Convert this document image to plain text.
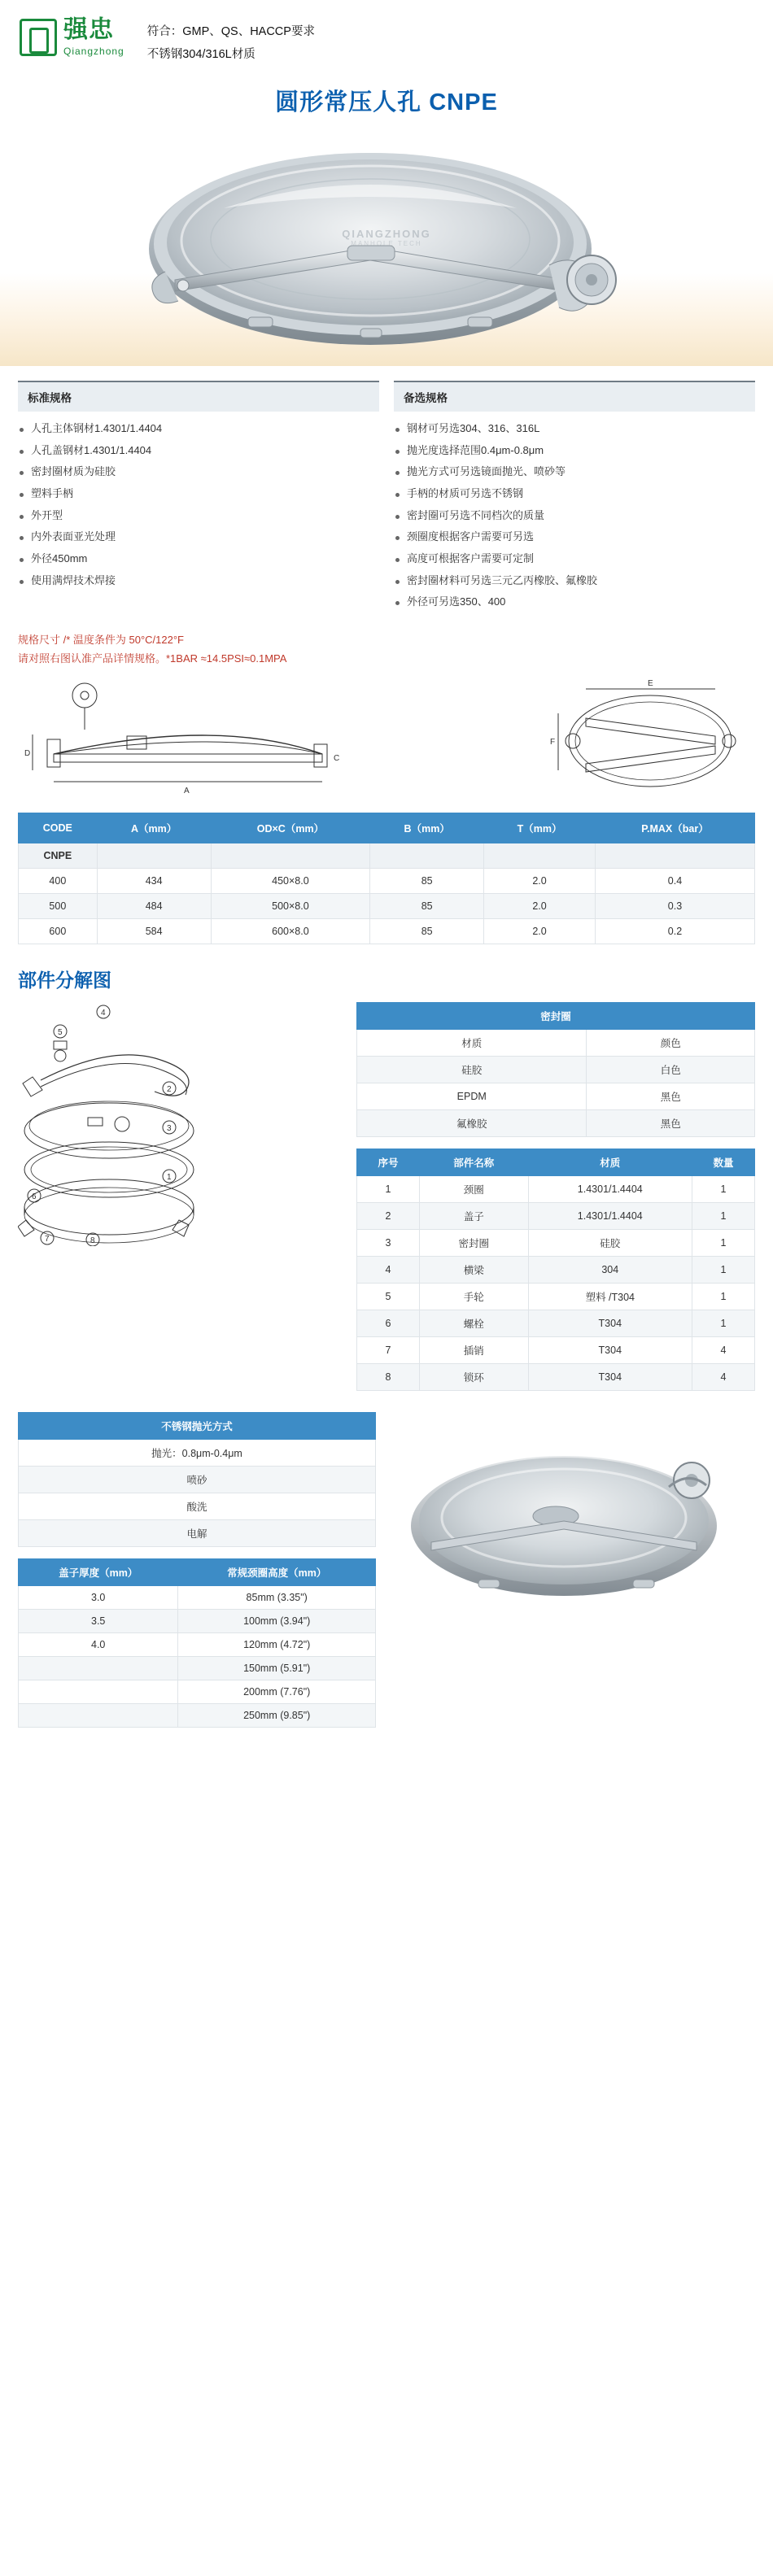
强忠
Qiangzhong
符合：GMP、QS、HACCP要求
不锈钢304/316L材质
圆形常压人孔 CNPE
QIANGZHONG
MANHOLE TECH
标准规格
人孔主体钢材1.4301/1.4404
人孔盖钢材1.4301/1.4404
密封圈材质为硅胶
塑料手柄
外开型
内外表面亚光处理
外径450mm
使用满焊技术焊接
备选规格
钢材可另选304、316、316L
抛光度选择范围0.4μm-0.8μm
抛光方式可另选镜面抛光、喷砂等
手柄的材质可另选不锈钢
密封圈可另选不同档次的质量
颈圈度根据客户需要可另选
高度可根据客户需要可定制
密封圈材料可另选三元乙丙橡胶、氟橡胶
外径可另选350、400
规格尺寸 /* 温度条件为 50°C/122°F
请对照右图认准产品详情规格。*1BAR ≈14.5PSI≈0.1MPA
D
A
C
E
F
CODE	A（mm）	OD×C（mm）	B（mm）	T（mm）	P.MAX（bar）
CNPE					
400	434	450×8.0	85	2.0	0.4
500	484	500×8.0	85	2.0	0.3
600	584	600×8.0	85	2.0	0.2
部件分解图
4
5
2
3
1
6
7	8
密封圈	
材质	颜色
硅胶	白色
EPDM	黑色
氟橡胶	黑色
序号	部件名称	材质	数量
1	颈圈	1.4301/1.4404	1
2	盖子	1.4301/1.4404	1
3	密封圈	硅胶	1
4	横梁	304	1
5	手轮	塑料 /T304	1
6	螺栓	T304	1
7	插销	T304	4
8	锁环	T304	4
不锈钢抛光方式
抛光：0.8μm-0.4μm
喷砂
酸洗
电解
盖子厚度（mm）	常规颈圈高度（mm）
3.0	85mm (3.35")
3.5	100mm (3.94")
4.0	120mm (4.72")
	150mm (5.91")
	200mm (7.76")
	250mm (9.85")
